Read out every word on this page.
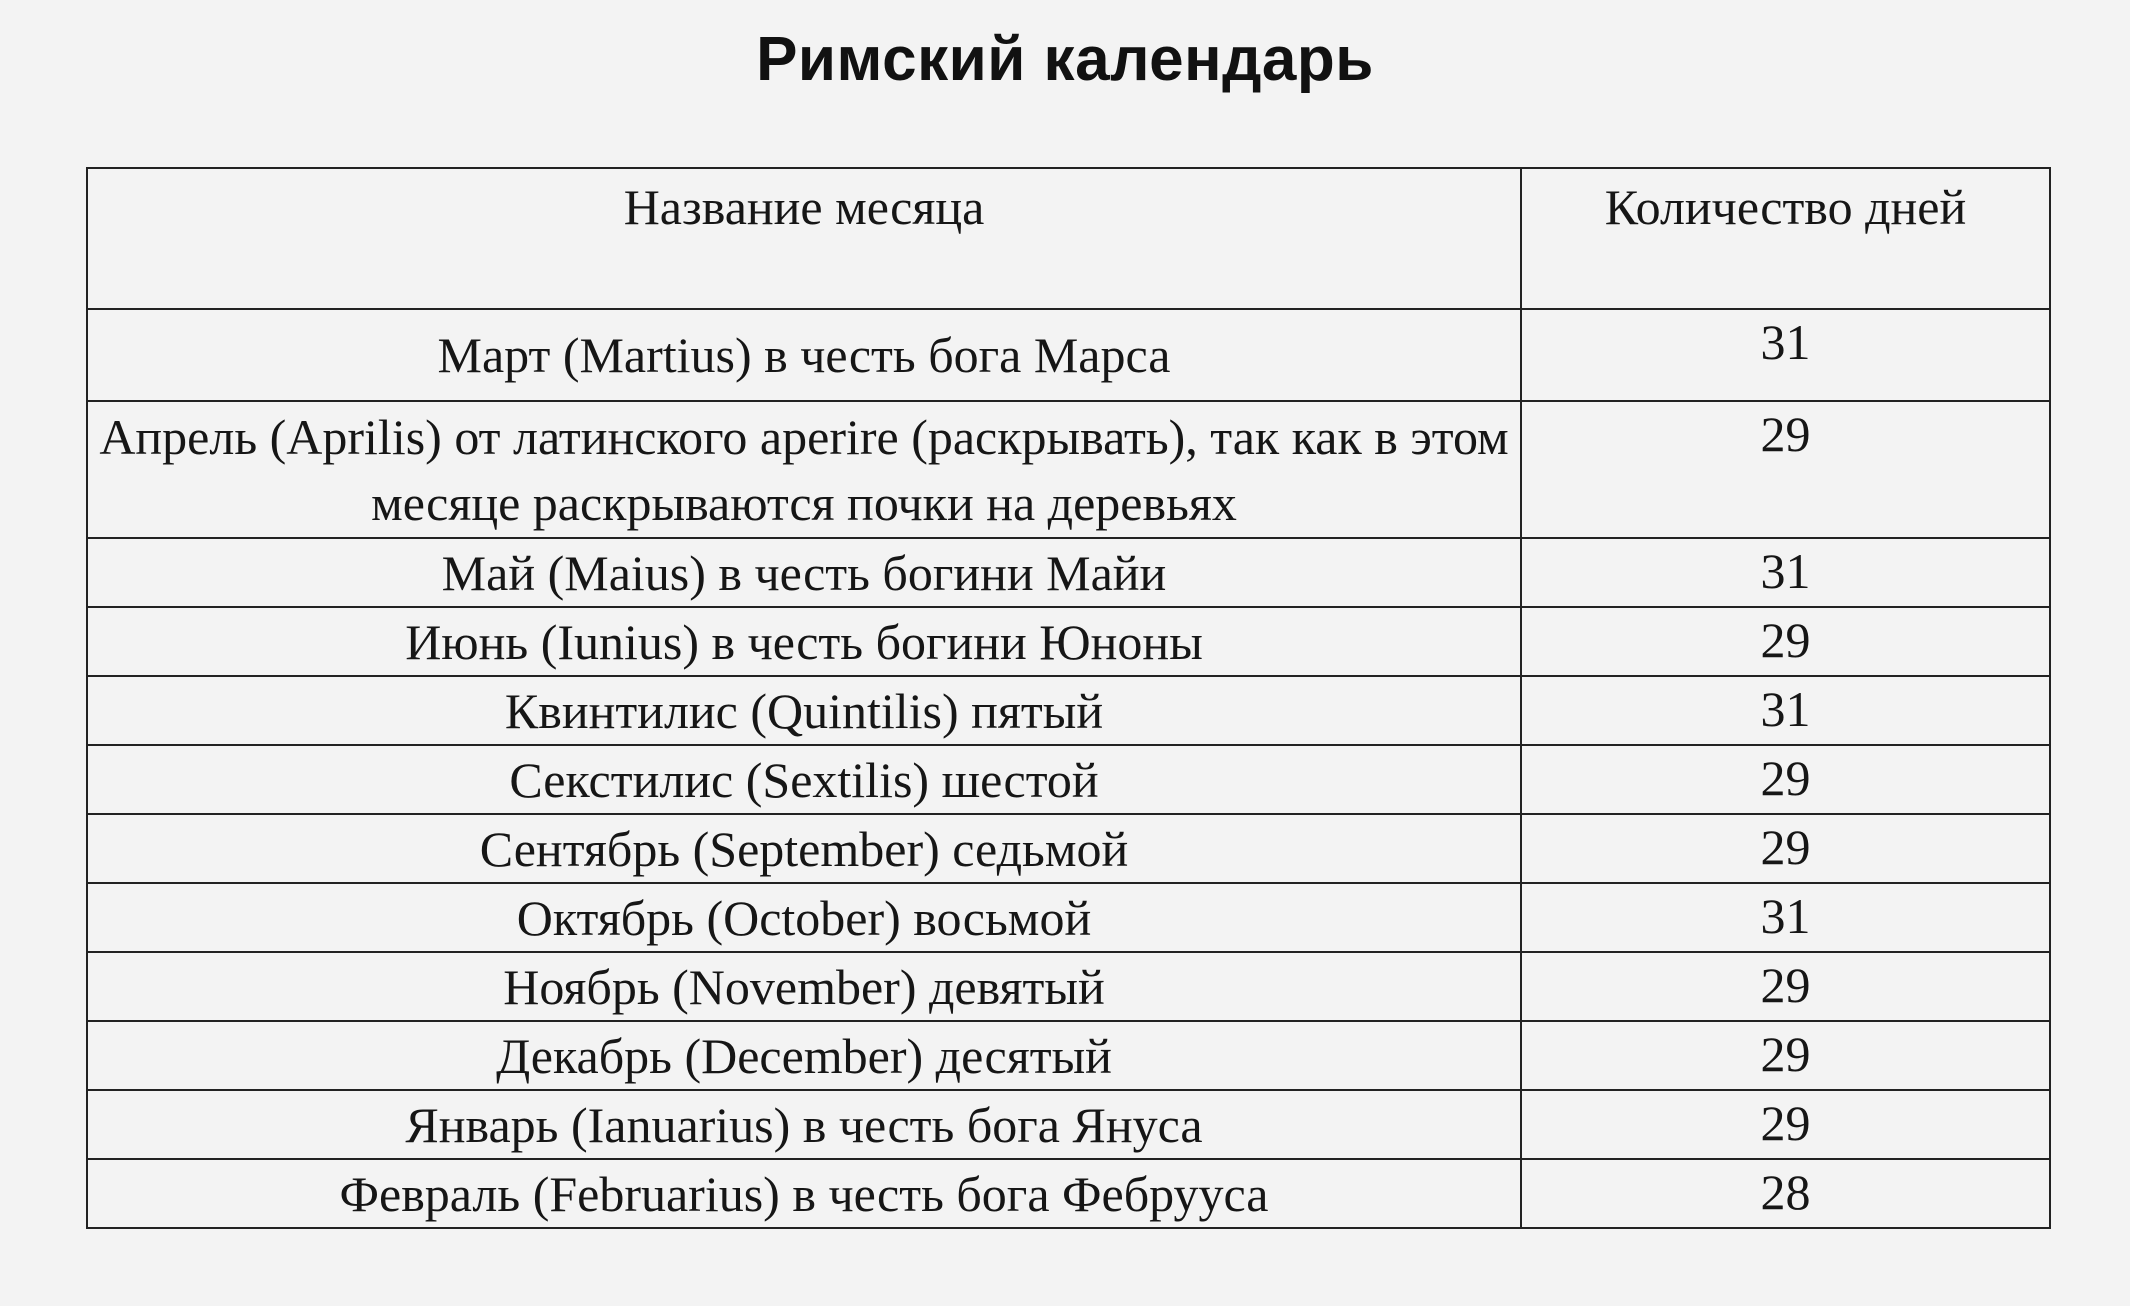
Римский календарь
Название месяца	Количество дней
Март (Martius) в честь бога Марса	31
Апрель (Aprilis) от латинского aperire (раскрывать), так как в этом месяце раскрываются почки на деревьях	29
Май (Maius) в честь богини Майи	31
Июнь (Iunius) в честь богини Юноны	29
Квинтилис (Quintilis) пятый	31
Секстилис (Sextilis) шестой	29
Сентябрь (September) седьмой	29
Октябрь (October) восьмой	31
Ноябрь (November) девятый	29
Декабрь (December) десятый	29
Январь (Ianuarius) в честь бога Януса	29
Февраль (Februarius) в честь бога Фебрууса	28
